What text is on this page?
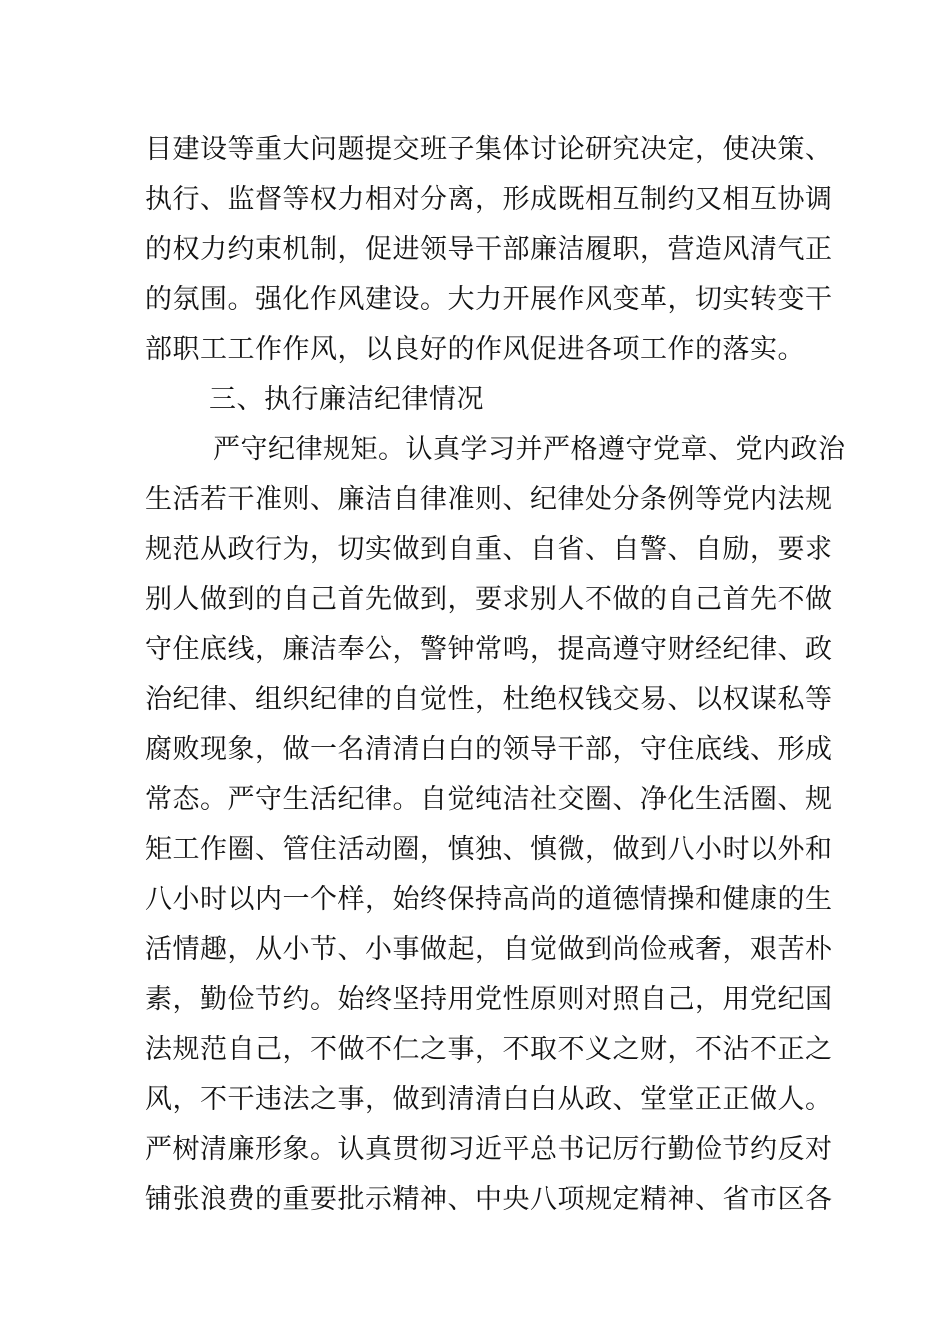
目建设等重大问题提交班子集体讨论研究决定，使决策、
执行、监督等权力相对分离，形成既相互制约又相互协调
的权力约束机制，促进领导干部廉洁履职，营造风清气正
的氛围。强化作风建设。大力开展作风变革，切实转变干
部职工工作作风，以良好的作风促进各项工作的落实。
三、执行廉洁纪律情况
严守纪律规矩。认真学习并严格遵守党章、党内政治
生活若干准则、廉洁自律准则、纪律处分条例等党内法规
规范从政行为，切实做到自重、自省、自警、自励，要求
别人做到的自己首先做到，要求别人不做的自己首先不做
守住底线，廉洁奉公，警钟常鸣，提高遵守财经纪律、政
治纪律、组织纪律的自觉性，杜绝权钱交易、以权谋私等
腐败现象，做一名清清白白的领导干部，守住底线、形成
常态。严守生活纪律。自觉纯洁社交圈、净化生活圈、规
矩工作圈、管住活动圈，慎独、慎微，做到八小时以外和
八小时以内一个样，始终保持高尚的道德情操和健康的生
活情趣，从小节、小事做起，自觉做到尚俭戒奢，艰苦朴
素，勤俭节约。始终坚持用党性原则对照自己，用党纪国
法规范自己，不做不仁之事，不取不义之财，不沾不正之
风，不干违法之事，做到清清白白从政、堂堂正正做人。
严树清廉形象。认真贯彻习近平总书记厉行勤俭节约反对
铺张浪费的重要批示精神、中央八项规定精神、省市区各
